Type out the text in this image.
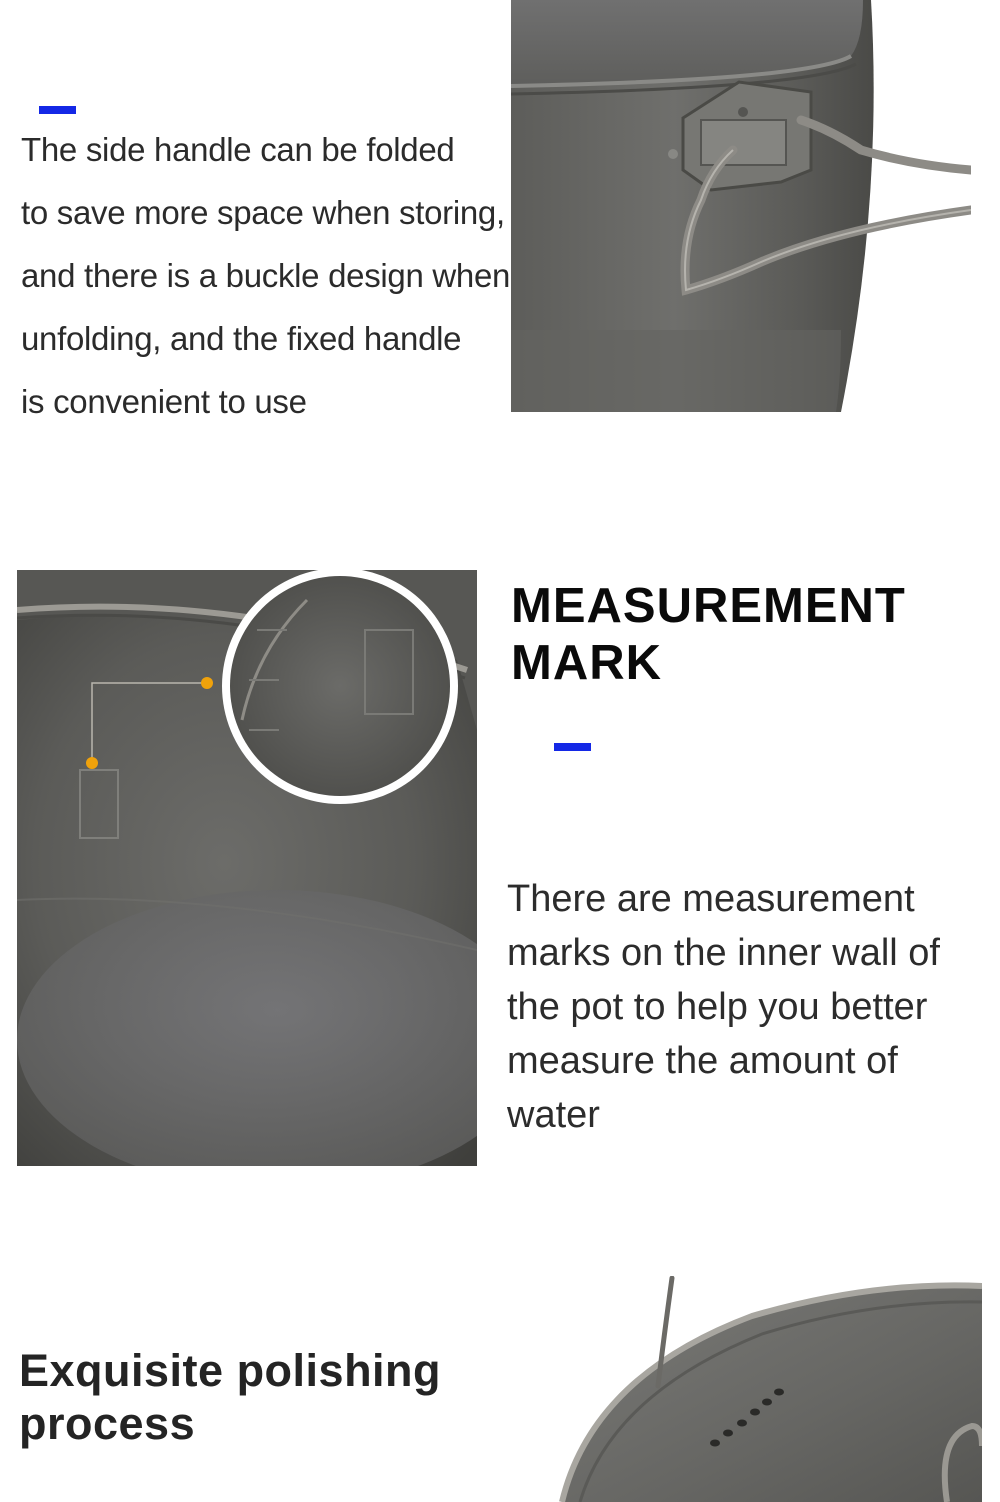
The side handle can be folded
to save more space when storing,
and there is a buckle design when
unfolding, and the fixed handle
is convenient to use
MEASUREMENT
MARK
There are measurement
marks on the inner wall of
the pot to help you better
measure the amount of
water
Exquisite polishing
process
